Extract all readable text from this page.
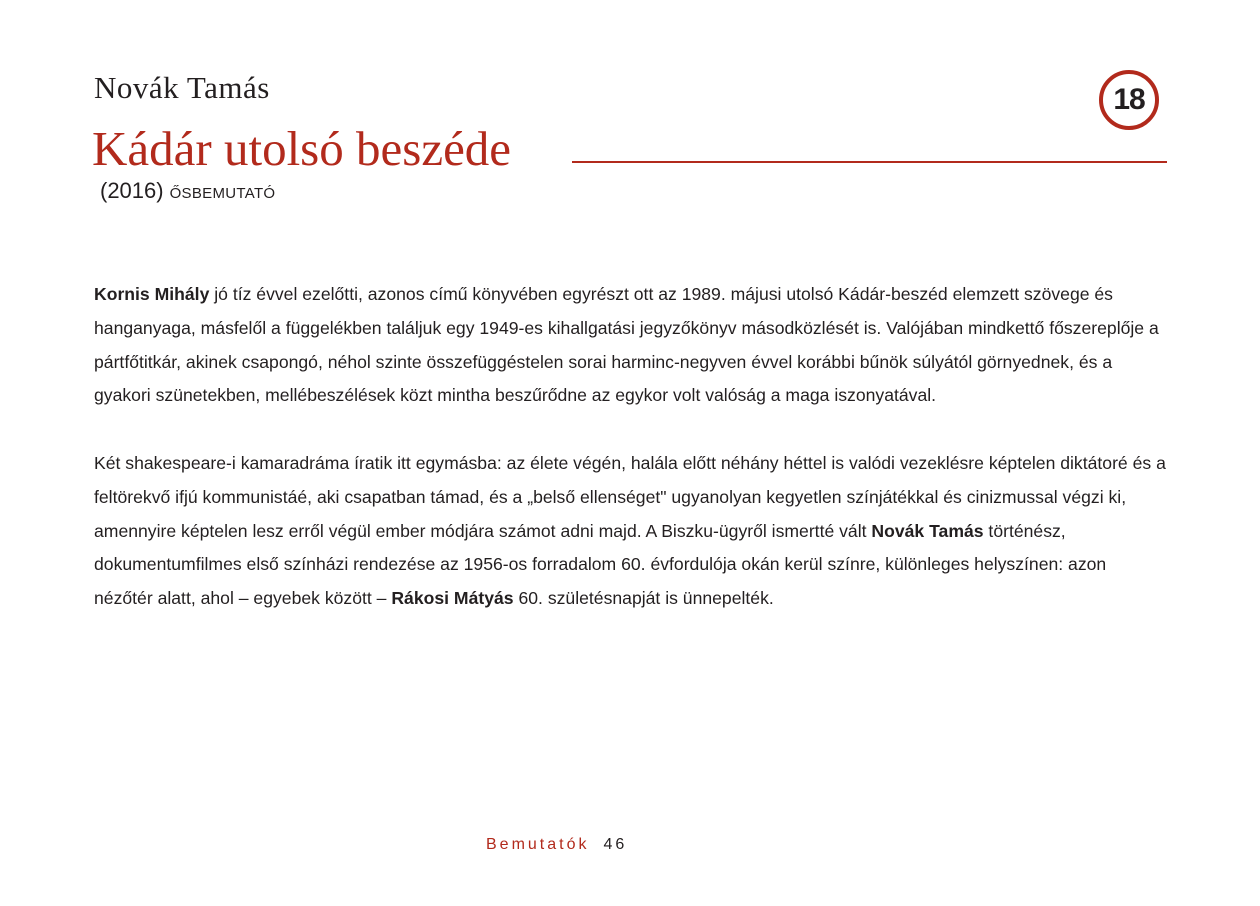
Novák Tamás
Kádár utolsó beszéde
18
(2016) ŐSBEMUTATÓ

Kornis Mihály jó tíz évvel ezelőtti, azonos című könyvében egyrészt ott az 1989. májusi utolsó Kádár-beszéd elemzett szövege és hanganyaga, másfelől a függelékben találjuk egy 1949-es kihallgatási jegyzőkönyv másodközlését is. Valójában mindkettő főszereplője a pártfőtitkár, akinek csapongó, néhol szinte összefüggéstelen sorai harminc-negyven évvel korábbi bűnök súlyától görnyednek, és a gyakori szünetekben, mellébeszélések közt mintha beszűrődne az egykor volt valóság a maga iszonyatával.

Két shakespeare-i kamaradráma íratik itt egymásba: az élete végén, halála előtt néhány héttel is valódi vezeklésre képtelen diktátoré és a feltörekvő ifjú kommunistáé, aki csapatban támad, és a „belső ellenséget" ugyanolyan kegyetlen színjátékkal és cinizmussal végzi ki, amennyire képtelen lesz erről végül ember módjára számot adni majd. A Biszku-ügyről ismertté vált Novák Tamás történész, dokumentumfilmes első színházi rendezése az 1956-os forradalom 60. évfordulója okán kerül színre, különleges helyszínen: azon nézőtér alatt, ahol – egyebek között – Rákosi Mátyás 60. születésnapját is ünnepelték.

Bemutatók 46
